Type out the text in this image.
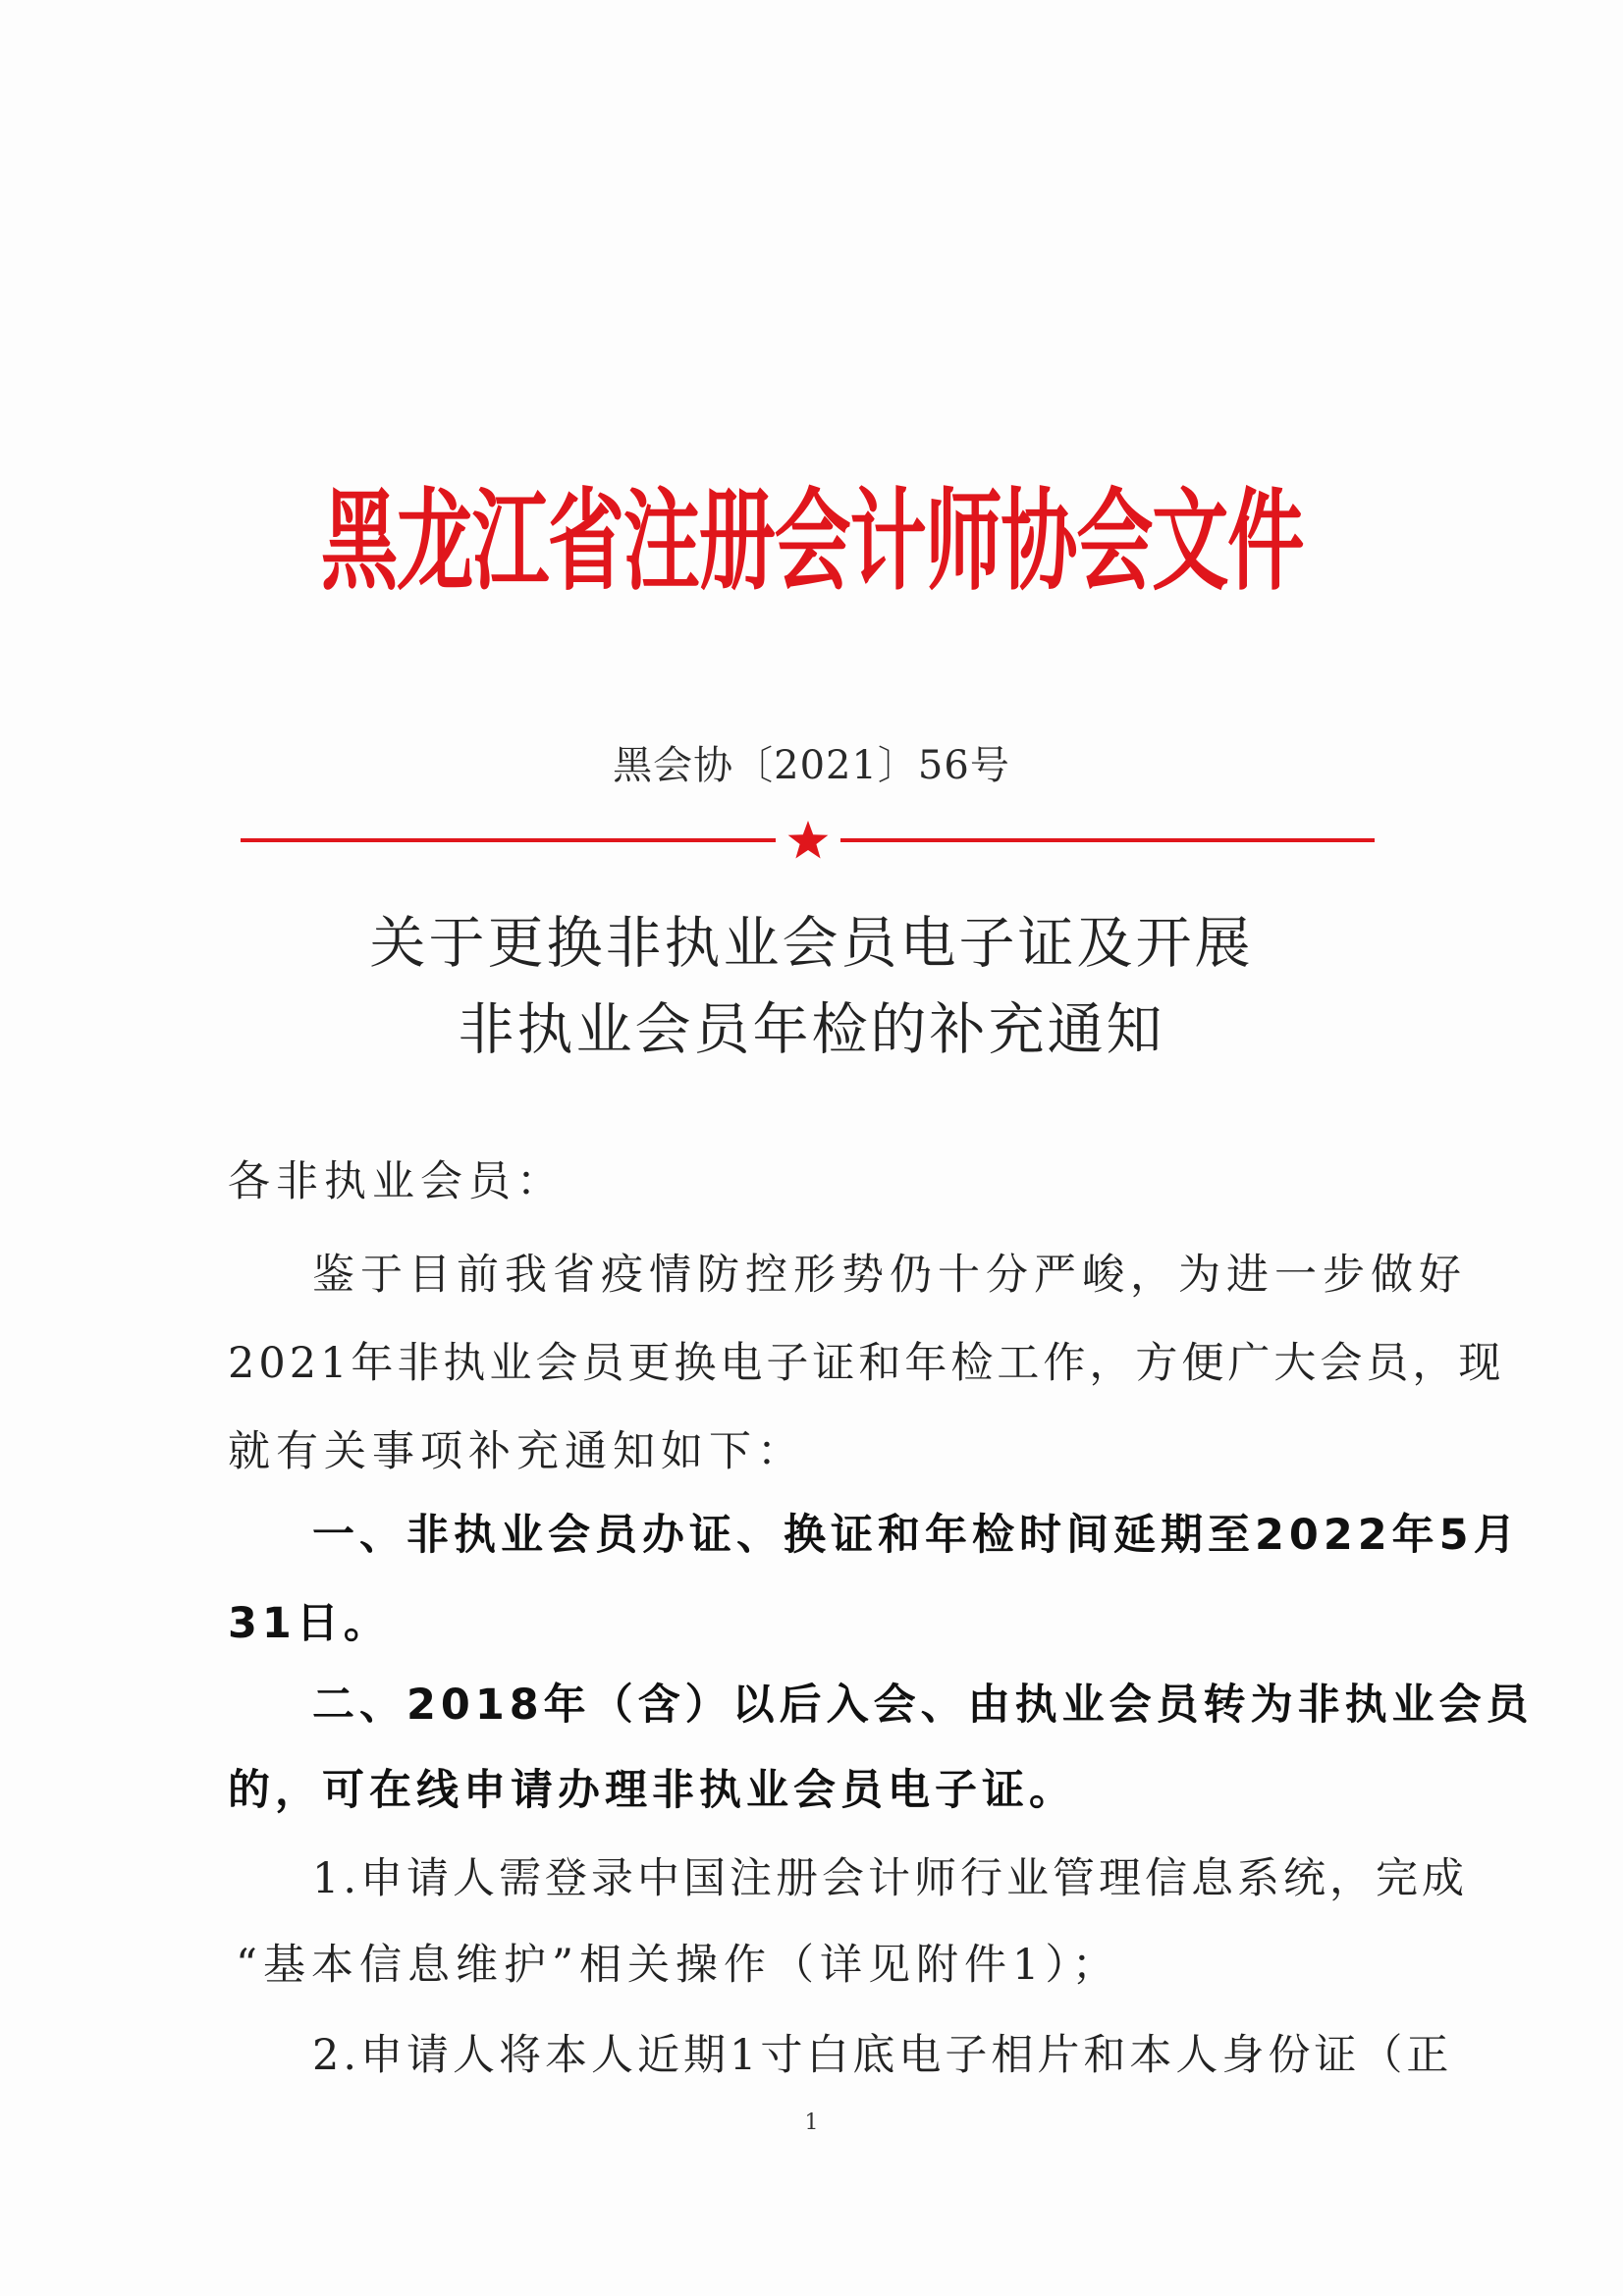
黑龙江省注册会计师协会文件
黑会协〔2021〕56号
关于更换非执业会员电子证及开展
非执业会员年检的补充通知
各非执业会员：
鉴于目前我省疫情防控形势仍十分严峻，为进一步做好
2021年非执业会员更换电子证和年检工作，方便广大会员，现
就有关事项补充通知如下：
一、非执业会员办证、换证和年检时间延期至2022年5月
31日。
二、2018年（含）以后入会、由执业会员转为非执业会员
的，可在线申请办理非执业会员电子证。
1.申请人需登录中国注册会计师行业管理信息系统，完成
“基本信息维护”相关操作（详见附件1）；
2.申请人将本人近期1寸白底电子相片和本人身份证（正
1
